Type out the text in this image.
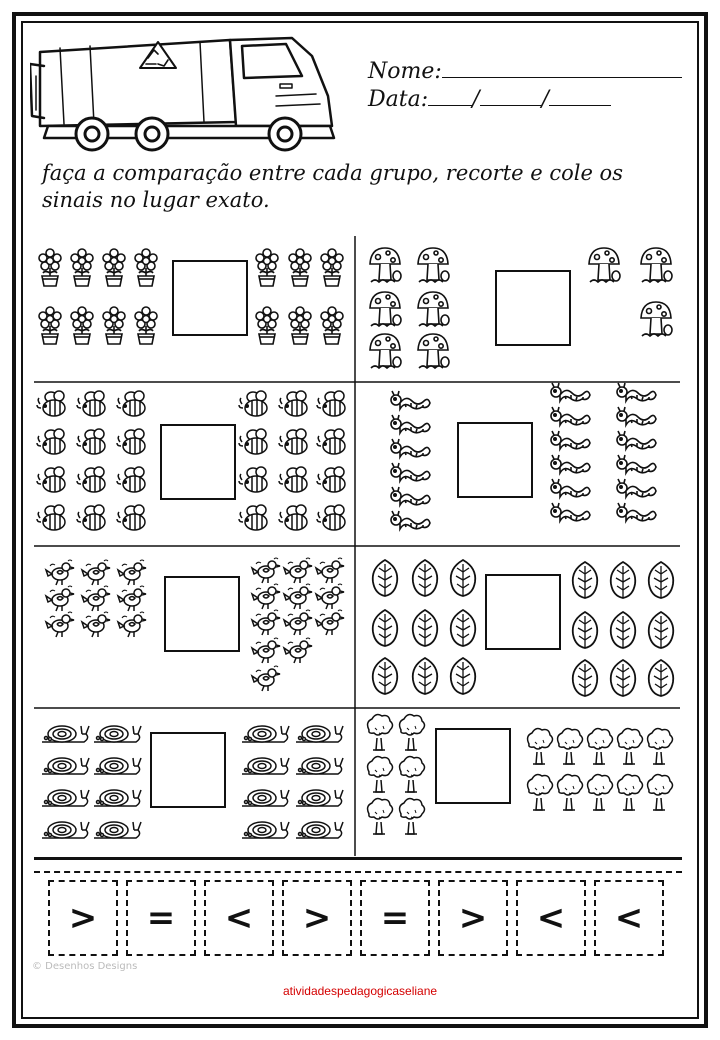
Nome:
Data: /	/

faça a comparação entre cada grupo, recorte e cole os sinais no lugar exato.

> = < > = > < <
© Desenhos Designs
atividadespedagogicaseliane
